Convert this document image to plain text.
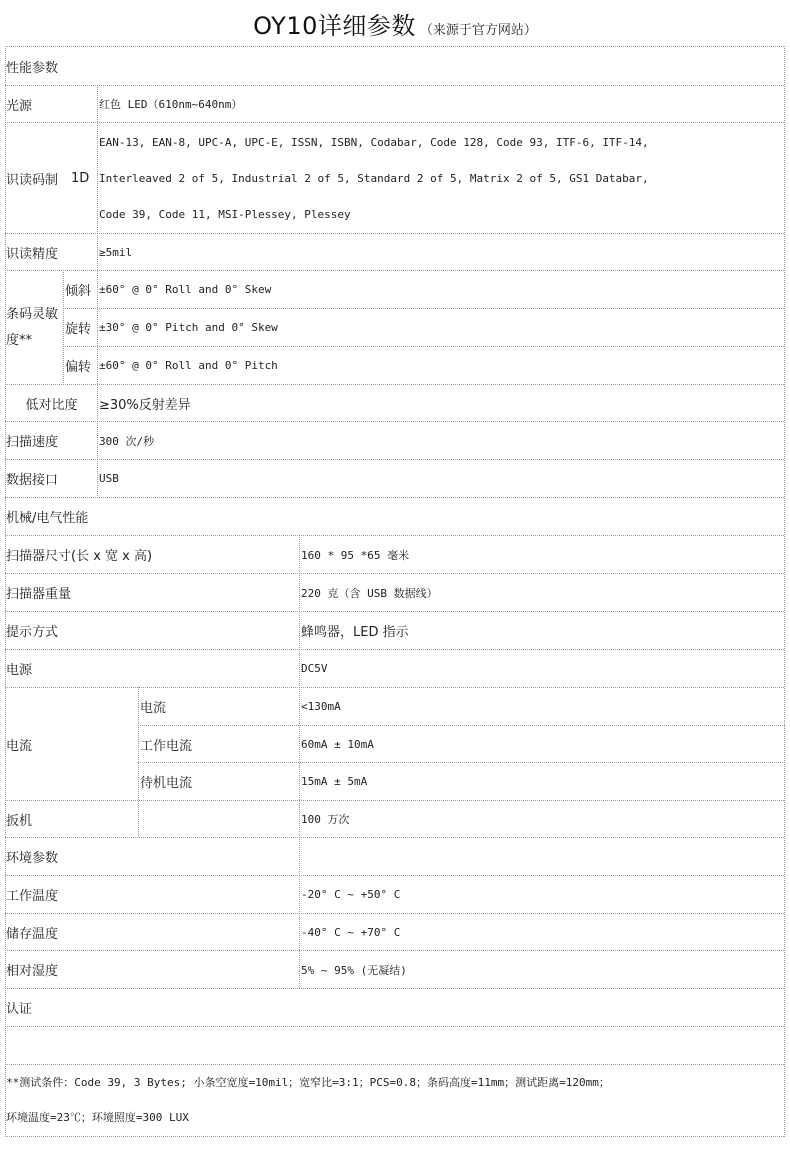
OY10详细参数 （来源于官方网站）
性能参数
光源	红色 LED（610nm~640nm）
识读码制 1D
EAN-13, EAN-8, UPC-A, UPC-E, ISSN, ISBN, Codabar, Code 128, Code 93, ITF-6, ITF-14,
Interleaved 2 of 5, Industrial 2 of 5, Standard 2 of 5, Matrix 2 of 5, GS1 Databar,
Code 39, Code 11, MSI-Plessey, Plessey
识读精度	≥5mil
条码灵敏度**
倾斜 ±60° @ 0° Roll and 0° Skew
旋转 ±30° @ 0° Pitch and 0° Skew
偏转 ±60° @ 0° Roll and 0° Pitch
低对比度	≥30%反射差异
扫描速度	300 次/秒
数据接口	USB
机械/电气性能
扫描器尺寸(长 x 宽 x 高)	160 * 95 *65 毫米
扫描器重量	220 克（含 USB 数据线）
提示方式	蜂鸣器，LED 指示
电源	DC5V
电流
电流	<130mA
工作电流	60mA ± 10mA
待机电流	15mA ± 5mA
扳机	100 万次
环境参数
工作温度	-20° C ~ +50° C
储存温度	-40° C ~ +70° C
相对湿度	5% ~ 95% (无凝结)
认证
**测试条件：Code 39, 3 Bytes; 小条空宽度=10mil；宽窄比=3:1；PCS=0.8；条码高度=11mm；测试距离=120mm；
环境温度=23℃；环境照度=300 LUX
